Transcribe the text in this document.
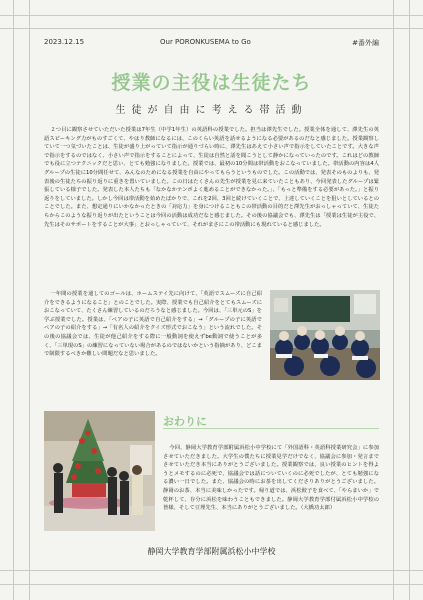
2023.12.15	Our PORONKUSEMA to Go	#番外編
授業の主役は生徒たち
生徒が自由に考える帯活動

２つ目に観察させていただいた授業は7年生（中学1年生）の英語科の授業でした。担当は澤先生でした。授業全体を通して、澤先生の英語スピーキング力がものすごくて、やはり教師になるには、このくらい英語を話せるようになる必要があるのだなと感じました。授業観察していて一つ気づいたことは、生徒が盛り上がっていて指示が通りづらい時に、澤先生はあえて小さい声で指示をしていたことです。大きな声で指示をするのではなく、小さい声で指示をすることによって、生徒は自然と話を聞こうとして静かになっていったのです。これはどの教師でも役に立つテクニックだと思い、とても勉強になりました。授業では、最初の10分間は帯活動をおこなっていました。帯活動の内容は4人グループの生徒に10分間任せて、みんなのためになる授業を自由にやってもらうというものでした。この活動では、発表そのものよりも、発表後の生徒たちの振り返りに重きを置いていました。この日はたくさんの先生が授業を見に来ていたこともあり、今回発表したグループは緊張している様子でした。発表した本人たちも「なかなかテンポよく進めることができなかった。」、「もっと準備をする必要があった。」と振り返りをしていました。しかし今回は帯活動を始めたばかりで、これを2回、3回と続けていくことで、上達していくことを狙いとしているとのことでした。また、想定通りにいかなかったときの「対応力」を身につけることもこの帯活動の目的だと澤先生がおっしゃっていて、生徒たちからこのような振り返りが出たということは今回の活動は成功だなと感じました。その後の協議会でも、澤先生は「授業は生徒が主役で、先生はそのサポートをすることが大事」とおっしゃっていて、それがまさにこの帯活動にも現れていると感じました。

一年間の授業を通してのゴールは、ホームステイ先に向けて、「英語でスムーズに自己紹介をできるようになること」とのことでした。実際、授業でも自己紹介をとてもスムーズにおこなっていて、たくさん練習しているのだろうなと感じました。今回は、「三単元のS」を学ぶ授業でした。授業は、「ペアの子に英語で自己紹介をする」→「グループの子に英語でペアの子の紹介をする」→「有名人の紹介をクイズ形式でおこなう」という流れでした。その後の協議会では、生徒が他己紹介をする際に一般動詞を使えずbe動詞で使うことが多く、「三単現のS」の練習になっていない場合があるのではないかという指摘があり、どこまで制限するべきか難しい問題だなと思いました。

おわりに

今回、静岡大学教育学部附属浜松小中学校にて「外国語科・英語科授業研究会」に参加させていただきました。大学生の僕たちに授業見学だけでなく、協議会に参加・発言までさせていただき本当にありがとうございました。授業観察では、良い授業のヒントを得ようとメモするのに必死で、協議会では話についていくのに必死でしたが、とても勉強になる濃い一日でした。また、協議会の時にお茶を出してくださりありがとうございました。静岡のお茶、本当に美味しかったです。帰り道では、浜松餃子を食べて、「やらまいか」で乾杯して、存分に浜松を味わうこともできました。静岡大学教育学部付属浜松小中学校の皆様、そして豆理先生、本当にありがとうございました。（大橋功太郎）

静岡大学教育学部附属浜松小中学校
